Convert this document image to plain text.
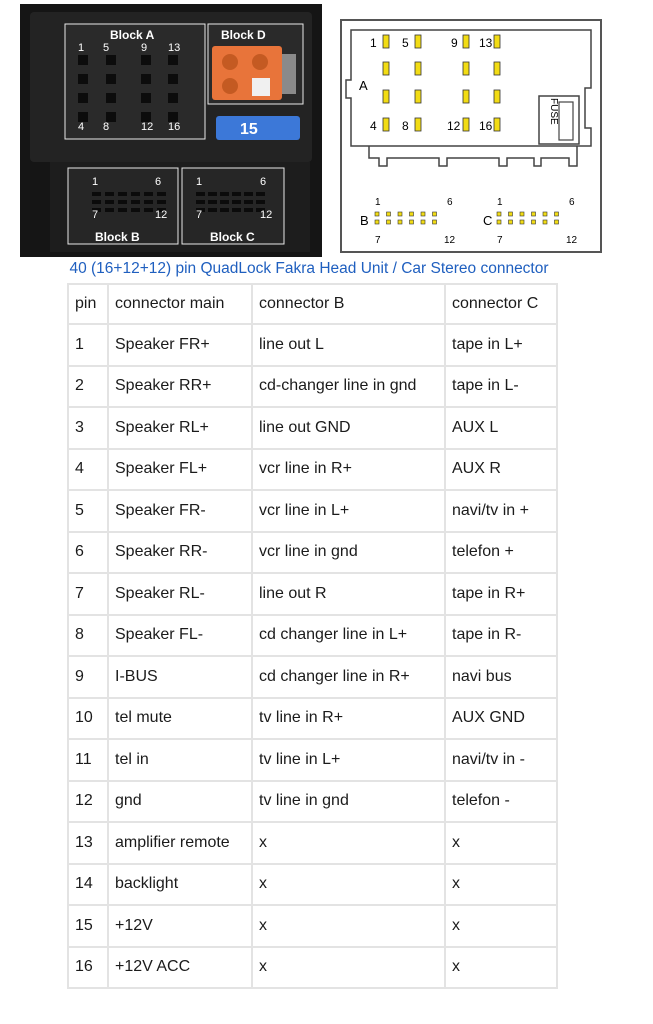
Block A
1 5	9 13
4 8	12 16
Block D
15
1	6
7	12
Block B
1	6
7	12
Block C
FUSE
A
1 5	9 13
4 8	12 16
1	6
B
7	12
1	6
C
7	12
40 (16+12+12) pin QuadLock Fakra Head Unit / Car Stereo connector
pin	connector main	connector B	connector C
1	Speaker FR+	line out L	tape in L+
2	Speaker RR+	cd-changer line in gnd	tape in L-
3	Speaker RL+	line out GND	AUX L
4	Speaker FL+	vcr line in R+	AUX R
5	Speaker FR-	vcr line in L+	navi/tv in +
6	Speaker RR-	vcr line in gnd	telefon +
7	Speaker RL-	line out R	tape in R+
8	Speaker FL-	cd changer line in L+	tape in R-
9	I-BUS	cd changer line in R+	navi bus
10	tel mute	tv line in R+	AUX GND
11	tel in	tv line in L+	navi/tv in -
12	gnd	tv line in gnd	telefon -
13	amplifier remote	x	x
14	backlight	x	x
15	+12V	x	x
16	+12V ACC	x	x
